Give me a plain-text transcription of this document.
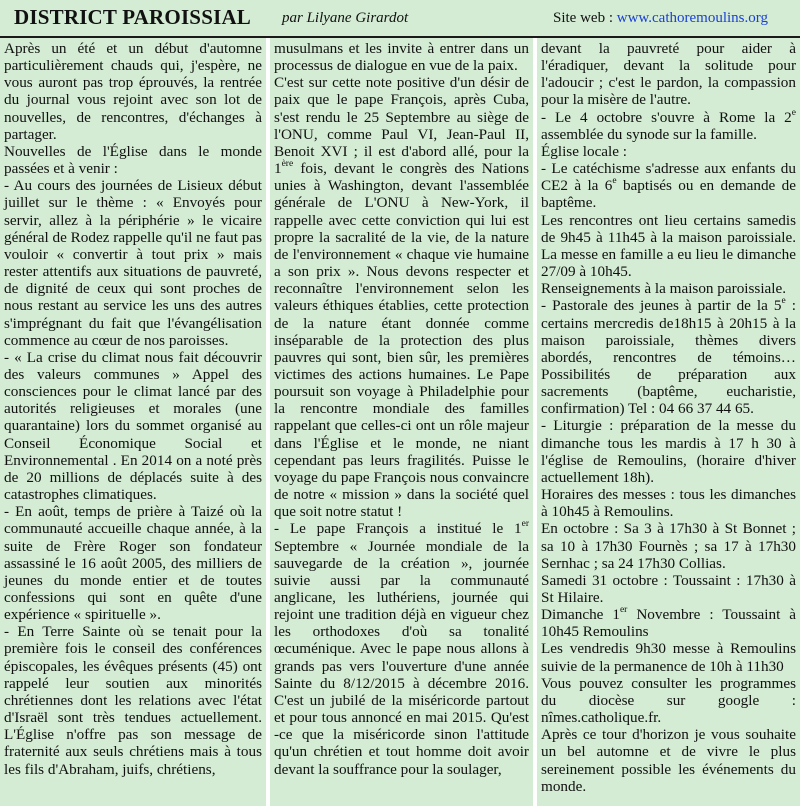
DISTRICT PAROISSIAL par Lilyane Girardot	Site web : www.cathoremoulins.org

Après un été et un début d'automne particulièrement chauds qui, j'espère, ne vous auront pas trop éprouvés, la rentrée du journal vous rejoint avec son lot de nouvelles, de rencontres, d'échanges à partager.

Nouvelles de l'Église dans le monde passées et à venir :

- Au cours des journées de Lisieux début juillet sur le thème : « Envoyés pour servir, allez à la périphérie » le vicaire général de Rodez rappelle qu'il ne faut pas vouloir « convertir à tout prix » mais rester attentifs aux situations de pauvreté, de dignité de ceux qui sont proches de nous restant au service les uns des autres s'imprégnant du fait que l'évangélisation commence au cœur de nos paroisses.

- « La crise du climat nous fait découvrir des valeurs communes » Appel des consciences pour le climat lancé par des autorités religieuses et morales (une quarantaine) lors du sommet organisé au Conseil Économique Social et Environnemental . En 2014 on a noté près de 20 millions de déplacés suite à des catastrophes climatiques.

- En août, temps de prière à Taizé où la communauté accueille chaque année, à la suite de Frère Roger son fondateur assassiné le 16 août 2005, des milliers de jeunes du monde entier et de toutes confessions qui sont en quête d'une expérience « spirituelle ».

- En Terre Sainte où se tenait pour la première fois le conseil des conférences épiscopales, les évêques présents (45) ont rappelé leur soutien aux minorités chrétiennes dont les relations avec l'état d'Israël sont très tendues actuellement. L'Église n'offre pas son message de fraternité aux seuls chrétiens mais à tous les fils d'Abraham, juifs, chrétiens,

musulmans et les invite à entrer dans un processus de dialogue en vue de la paix.

C'est sur cette note positive d'un désir de paix que le pape François, après Cuba, s'est rendu le 25 Septembre au siège de l'ONU, comme Paul VI, Jean-Paul II, Benoit XVI ; il est d'abord allé, pour la 1ère fois, devant le congrès des Nations unies à Washington, devant l'assemblée générale de L'ONU à New-York, il rappelle avec cette conviction qui lui est propre la sacralité de la vie, de la nature de l'environnement « chaque vie humaine a son prix ». Nous devons respecter et reconnaître l'environnement selon les valeurs éthiques établies, cette protection de la nature étant donnée comme inséparable de la protection des plus pauvres qui sont, bien sûr, les premières victimes des actions humaines. Le Pape poursuit son voyage à Philadelphie pour la rencontre mondiale des familles rappelant que celles-ci ont un rôle majeur dans l'Église et le monde, ne niant cependant pas leurs fragilités. Puisse le voyage du pape François nous convaincre de notre « mission » dans la société quel que soit notre statut !

- Le pape François a institué le 1er Septembre « Journée mondiale de la sauvegarde de la création », journée suivie aussi par la communauté anglicane, les luthériens, journée qui rejoint une tradition déjà en vigueur chez les orthodoxes d'où sa tonalité œcuménique. Avec le pape nous allons à grands pas vers l'ouverture d'une année Sainte du 8/12/2015 à décembre 2016. C'est un jubilé de la miséricorde partout et pour tous annoncé en mai 2015. Qu'est -ce que la miséricorde sinon l'attitude qu'un chrétien et tout homme doit avoir devant la souffrance pour la soulager,

devant la pauvreté pour aider à l'éradiquer, devant la solitude pour l'adoucir ; c'est le pardon, la compassion pour la misère de l'autre.

- Le 4 octobre s'ouvre à Rome la 2e assemblée du synode sur la famille.

Église locale :

- Le catéchisme s'adresse aux enfants du CE2 à la 6e baptisés ou en demande de baptême.

Les rencontres ont lieu certains samedis de 9h45 à 11h45 à la maison paroissiale. La messe en famille a eu lieu le dimanche 27/09 à 10h45.

Renseignements à la maison paroissiale.

- Pastorale des jeunes à partir de la 5e : certains mercredis de18h15 à 20h15 à la maison paroissiale, thèmes divers abordés, rencontres de témoins… Possibilités de préparation aux sacrements (baptême, eucharistie, confirmation) Tel : 04 66 37 44 65.

- Liturgie : préparation de la messe du dimanche tous les mardis à 17 h 30 à l'église de Remoulins, (horaire d'hiver actuellement 18h).

Horaires des messes : tous les dimanches à 10h45 à Remoulins.

En octobre : Sa 3 à 17h30 à St Bonnet ; sa 10 à 17h30 Fournès ; sa 17 à 17h30 Sernhac ; sa 24 17h30 Collias.

Samedi 31 octobre : Toussaint : 17h30 à St Hilaire.

Dimanche 1er Novembre : Toussaint à 10h45 Remoulins

Les vendredis 9h30 messe à Remoulins suivie de la permanence de 10h à 11h30

Vous pouvez consulter les programmes du diocèse sur google : nîmes.catholique.fr.

Après ce tour d'horizon je vous souhaite un bel automne et de vivre le plus sereinement possible les événements du monde.
